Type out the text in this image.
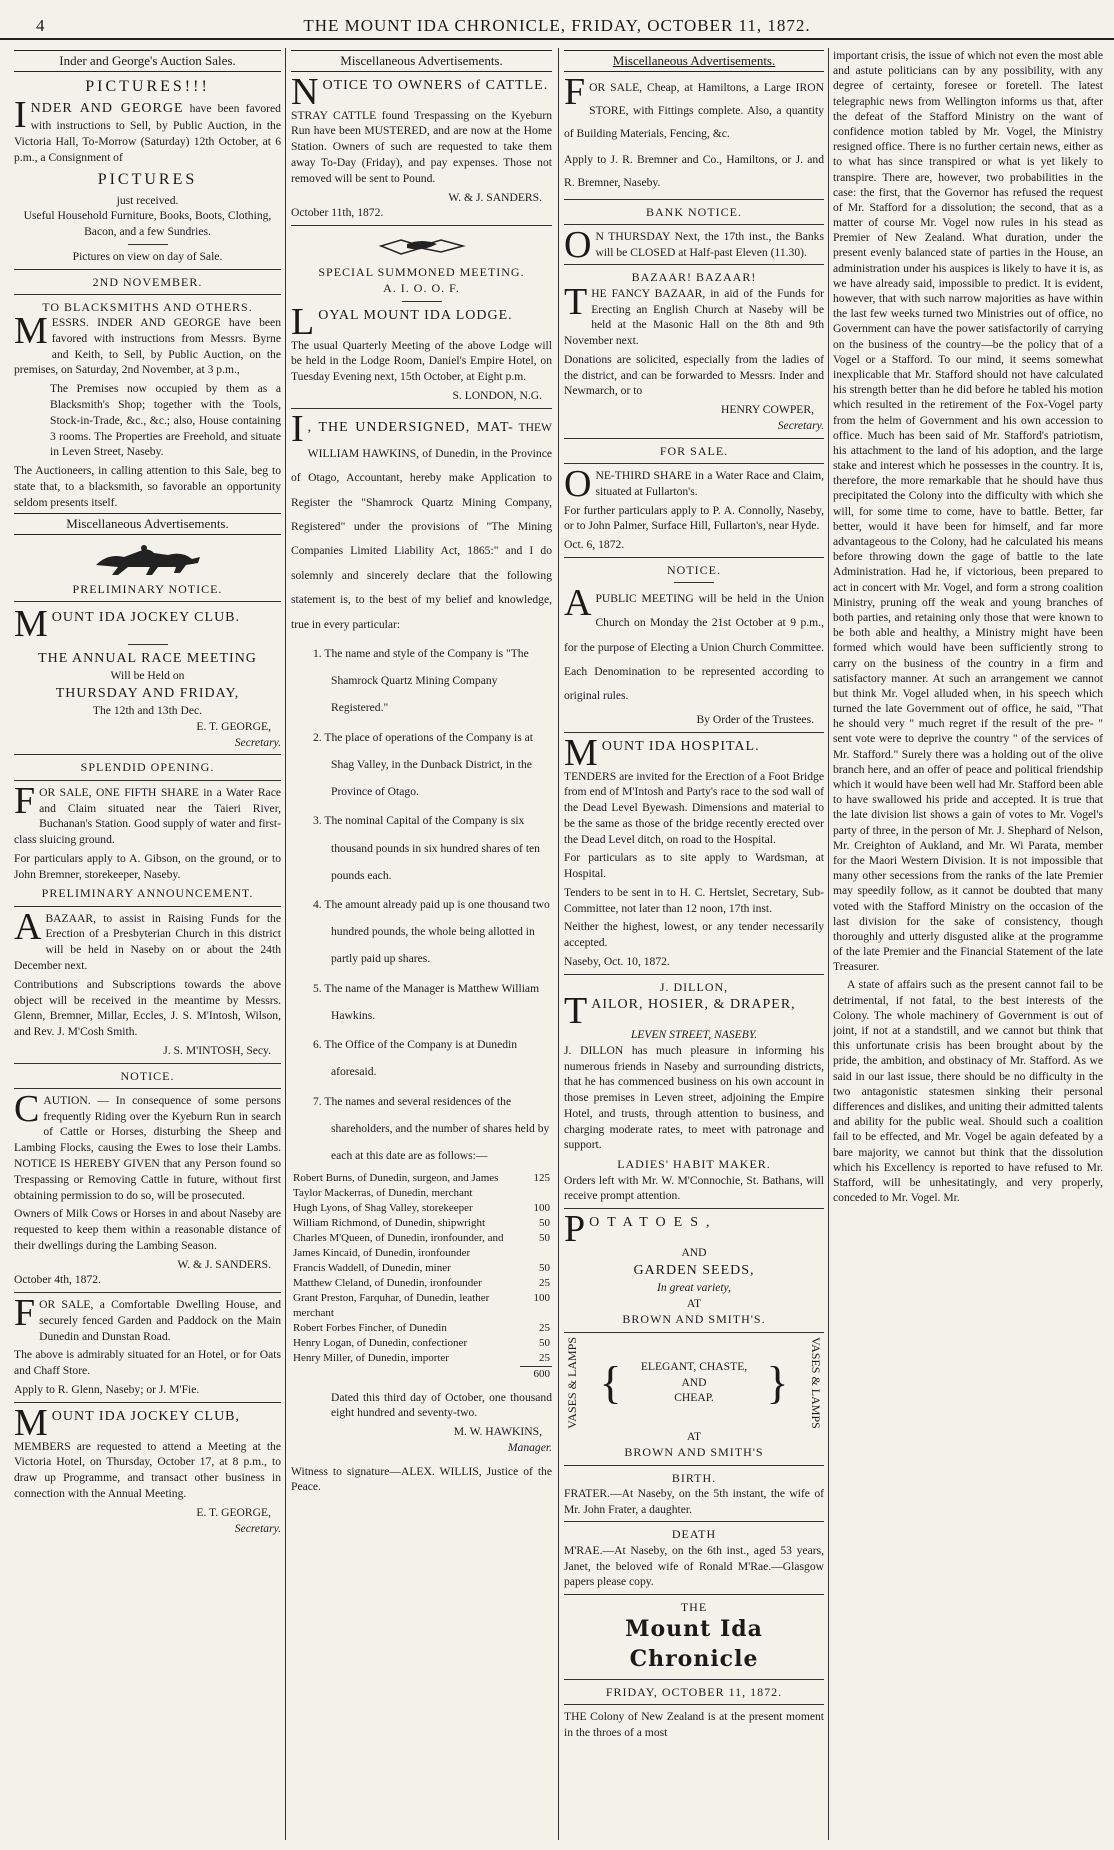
4	THE MOUNT IDA CHRONICLE, FRIDAY, OCTOBER 11, 1872.
Inder and George's Auction Sales.
PICTURES!!!

INDER AND GEORGE have been favored with instructions to Sell, by Public Auction, in the Victoria Hall, To-Morrow (Saturday) 12th October, at 6 p.m., a Consignment of

PICTURES
just received.
Useful Household Furniture, Books, Boots, Clothing, Bacon, and a few Sundries.
Pictures on view on day of Sale.
2ND NOVEMBER.
TO BLACKSMITHS AND OTHERS.

MESSRS. INDER AND GEORGE have been favored with instructions from Messrs. Byrne and Keith, to Sell, by Public Auction, on the premises, on Saturday, 2nd November, at 3 p.m.,

The Premises now occupied by them as a Blacksmith's Shop; together with the Tools, Stock-in-Trade, &c., &c.; also, House containing 3 rooms. The Properties are Freehold, and situate in Leven Street, Naseby.

The Auctioneers, in calling attention to this Sale, beg to state that, to a blacksmith, so favorable an opportunity seldom presents itself.

Miscellaneous Advertisements.
PRELIMINARY NOTICE.

MOUNT IDA JOCKEY CLUB.

THE ANNUAL RACE MEETING
Will be Held on
THURSDAY AND FRIDAY,
The 12th and 13th Dec.
E. T. GEORGE,
Secretary.
SPLENDID OPENING.

FOR SALE, ONE FIFTH SHARE in a Water Race and Claim situated near the Taieri River, Buchanan's Station. Good supply of water and first-class sluicing ground.

For particulars apply to A. Gibson, on the ground, or to John Bremner, storekeeper, Naseby.

PRELIMINARY ANNOUNCEMENT.

ABAZAAR, to assist in Raising Funds for the Erection of a Presbyterian Church in this district will be held in Naseby on or about the 24th December next.

Contributions and Subscriptions towards the above object will be received in the meantime by Messrs. Glenn, Bremner, Millar, Eccles, J. S. M'Intosh, Wilson, and Rev. J. M'Cosh Smith.

J. S. M'INTOSH, Secy.
NOTICE.

CAUTION. — In consequence of some persons frequently Riding over the Kyeburn Run in search of Cattle or Horses, disturbing the Sheep and Lambing Flocks, causing the Ewes to lose their Lambs. NOTICE IS HEREBY GIVEN that any Person found so Trespassing or Removing Cattle in future, without first obtaining permission to do so, will be prosecuted.

Owners of Milk Cows or Horses in and about Naseby are requested to keep them within a reasonable distance of their dwellings during the Lambing Season.

W. & J. SANDERS.
October 4th, 1872.

FOR SALE, a Comfortable Dwelling House, and securely fenced Garden and Paddock on the Main Dunedin and Dunstan Road.

The above is admirably situated for an Hotel, or for Oats and Chaff Store.

Apply to R. Glenn, Naseby; or J. M'Fie.

MOUNT IDA JOCKEY CLUB,

MEMBERS are requested to attend a Meeting at the Victoria Hotel, on Thursday, October 17, at 8 p.m., to draw up Programme, and transact other business in connection with the Annual Meeting.

E. T. GEORGE,
Secretary.
Miscellaneous Advertisements.

NOTICE TO OWNERS of CATTLE.

STRAY CATTLE found Trespassing on the Kyeburn Run have been MUSTERED, and are now at the Home Station. Owners of such are requested to take them away To-Day (Friday), and pay expenses. Those not removed will be sent to Pound.

W. & J. SANDERS.
October 11th, 1872.
SPECIAL SUMMONED MEETING.
A. I. O. O. F.

LOYAL MOUNT IDA LODGE.

The usual Quarterly Meeting of the above Lodge will be held in the Lodge Room, Daniel's Empire Hotel, on Tuesday Evening next, 15th October, at Eight p.m.

S. LONDON, N.G.

I , THE UNDERSIGNED, MAT- THEW WILLIAM HAWKINS, of Dunedin, in the Province of Otago, Accountant, hereby make Application to Register the "Shamrock Quartz Mining Company, Registered" under the provisions of "The Mining Companies Limited Liability Act, 1865:" and I do solemnly and sincerely declare that the following statement is, to the best of my belief and knowledge, true in every particular:

1. The name and style of the Company is "The Shamrock Quartz Mining Company Registered."

2. The place of operations of the Company is at Shag Valley, in the Dunback District, in the Province of Otago.

3. The nominal Capital of the Company is six thousand pounds in six hundred shares of ten pounds each.

4. The amount already paid up is one thousand two hundred pounds, the whole being allotted in partly paid up shares.

5. The name of the Manager is Matthew William Hawkins.

6. The Office of the Company is at Dunedin aforesaid.

7. The names and several residences of the shareholders, and the number of shares held by each at this date are as follows:—

Robert Burns, of Dunedin, surgeon, and James Taylor Mackerras, of Dunedin, merchant	125
Hugh Lyons, of Shag Valley, storekeeper	100
William Richmond, of Dunedin, shipwright	50
Charles M'Queen, of Dunedin, ironfounder, and James Kincaid, of Dunedin, ironfounder	50
Francis Waddell, of Dunedin, miner	50
Matthew Cleland, of Dunedin, ironfounder	25
Grant Preston, Farquhar, of Dunedin, leather merchant	100
Robert Forbes Fincher, of Dunedin	25
Henry Logan, of Dunedin, confectioner	50
Henry Miller, of Dunedin, importer	25
	600

Dated this third day of October, one thousand eight hundred and seventy-two.

M. W. HAWKINS,
Manager.

Witness to signature—ALEX. WILLIS, Justice of the Peace.

Miscellaneous Advertisements.

FOR SALE, Cheap, at Hamiltons, a Large IRON STORE, with Fittings complete. Also, a quantity of Building Materials, Fencing, &c.

Apply to J. R. Bremner and Co., Hamiltons, or J. and R. Bremner, Naseby.

BANK NOTICE.

O N THURSDAY Next, the 17th inst., the Banks will be CLOSED at Half-past Eleven (11.30).

BAZAAR! BAZAAR!

THE FANCY BAZAAR, in aid of the Funds for Erecting an English Church at Naseby will be held at the Masonic Hall on the 8th and 9th November next.

Donations are solicited, especially from the ladies of the district, and can be forwarded to Messrs. Inder and Newmarch, or to

HENRY COWPER,
Secretary.
FOR SALE.

ONE-THIRD SHARE in a Water Race and Claim, situated at Fullarton's.

For further particulars apply to P. A. Connolly, Naseby, or to John Palmer, Surface Hill, Fullarton's, near Hyde.

Oct. 6, 1872.
NOTICE.

APUBLIC MEETING will be held in the Union Church on Monday the 21st October at 9 p.m., for the purpose of Electing a Union Church Committee. Each Denomination to be represented according to original rules.

By Order of the Trustees.

MOUNT IDA HOSPITAL.

TENDERS are invited for the Erection of a Foot Bridge from end of M'Intosh and Party's race to the sod wall of the Dead Level Byewash. Dimensions and material to be the same as those of the bridge recently erected over the Dead Level ditch, on road to the Hospital.

For particulars as to site apply to Wardsman, at Hospital.

Tenders to be sent in to H. C. Hertslet, Secretary, Sub-Committee, not later than 12 noon, 17th inst.

Neither the highest, lowest, or any tender necessarily accepted.

Naseby, Oct. 10, 1872.
J. DILLON,

TAILOR, HOSIER, & DRAPER,

LEVEN STREET, NASEBY.

J. DILLON has much pleasure in informing his numerous friends in Naseby and surrounding districts, that he has commenced business on his own account in those premises in Leven street, adjoining the Empire Hotel, and trusts, through attention to business, and charging moderate rates, to meet with patronage and support.

LADIES' HABIT MAKER.

Orders left with Mr. W. M'Connochie, St. Bathans, will receive prompt attention.

POTATOES,

AND
GARDEN SEEDS,
In great variety,
AT
BROWN AND SMITH'S.
VASES & LAMPS { ELEGANT, CHASTE,
AND
CHEAP.	} VASES & LAMPS
AT
BROWN AND SMITH'S
BIRTH.

FRATER.—At Naseby, on the 5th instant, the wife of Mr. John Frater, a daughter.

DEATH

M'RAE.—At Naseby, on the 6th inst., aged 53 years, Janet, the beloved wife of Ronald M'Rae.—Glasgow papers please copy.

THE
Mount Ida Chronicle
FRIDAY, OCTOBER 11, 1872.

THE Colony of New Zealand is at the present moment in the throes of a most

important crisis, the issue of which not even the most able and astute politicians can by any possibility, with any degree of certainty, foresee or foretell. The latest telegraphic news from Wellington informs us that, after the defeat of the Stafford Ministry on the want of confidence motion tabled by Mr. Vogel, the Ministry resigned office. There is no further certain news, either as to what has since transpired or what is yet likely to transpire. There are, however, two probabilities in the case: the first, that the Governor has refused the request of Mr. Stafford for a dissolution; the second, that as a matter of course Mr. Vogel now rules in his stead as Premier of New Zealand. What duration, under the present evenly balanced state of parties in the House, an administration under his auspices is likely to have it is, as we have already said, impossible to predict. It is evident, however, that with such narrow majorities as have within the last few weeks turned two Ministries out of office, no Government can have the power satisfactorily of carrying on the business of the country—be the policy that of a Vogel or a Stafford. To our mind, it seems somewhat inexplicable that Mr. Stafford should not have calculated his strength better than he did before he tabled his motion which resulted in the retirement of the Fox-Vogel party from the helm of Government and his own accession to office. Much has been said of Mr. Stafford's patriotism, his attachment to the land of his adoption, and the large stake and interest which he possesses in the country. It is, therefore, the more remarkable that he should have thus precipitated the Colony into the difficulty with which she will, for some time to come, have to battle. Better, far better, would it have been for himself, and far more advantageous to the Colony, had he calculated his means before throwing down the gage of battle to the late Administration. Had he, if victorious, been prepared to act in concert with Mr. Vogel, and form a strong coalition Ministry, pruning off the weak and young branches of both parties, and retaining only those that were known to be both able and healthy, a Ministry might have been formed which would have been sufficiently strong to carry on the business of the country in a firm and satisfactory manner. At such an arrangement we cannot but think Mr. Vogel alluded when, in his speech which turned the late Government out of office, he said, "That he should very " much regret if the result of the pre- " sent vote were to deprive the country " of the services of Mr. Stafford." Surely there was a holding out of the olive branch here, and an offer of peace and political friendship which it would have been well had Mr. Stafford been able to have swallowed his pride and accepted. It is true that the late division list shows a gain of votes to Mr. Vogel's party of three, in the person of Mr. J. Shephard of Nelson, Mr. Creighton of Aukland, and Mr. Wi Parata, member for the Maori Western Division. It is not impossible that many other secessions from the ranks of the late Premier may speedily follow, as it cannot be doubted that many voted with the Stafford Ministry on the occasion of the last division for the sake of consistency, though thoroughly and utterly disgusted alike at the programme of the late Premier and the Financial Statement of the late Treasurer.

A state of affairs such as the present cannot fail to be detrimental, if not fatal, to the best interests of the Colony. The whole machinery of Government is out of joint, if not at a standstill, and we cannot but think that this unfortunate crisis has been brought about by the pride, the ambition, and obstinacy of Mr. Stafford. As we said in our last issue, there should be no difficulty in the two antagonistic statesmen sinking their personal differences and dislikes, and uniting their admitted talents and ability for the public weal. Should such a coalition fail to be effected, and Mr. Vogel be again defeated by a bare majority, we cannot but think that the dissolution which his Excellency is reported to have refused to Mr. Stafford, will be unhesitatingly, and very properly, conceded to Mr. Vogel. Mr.
